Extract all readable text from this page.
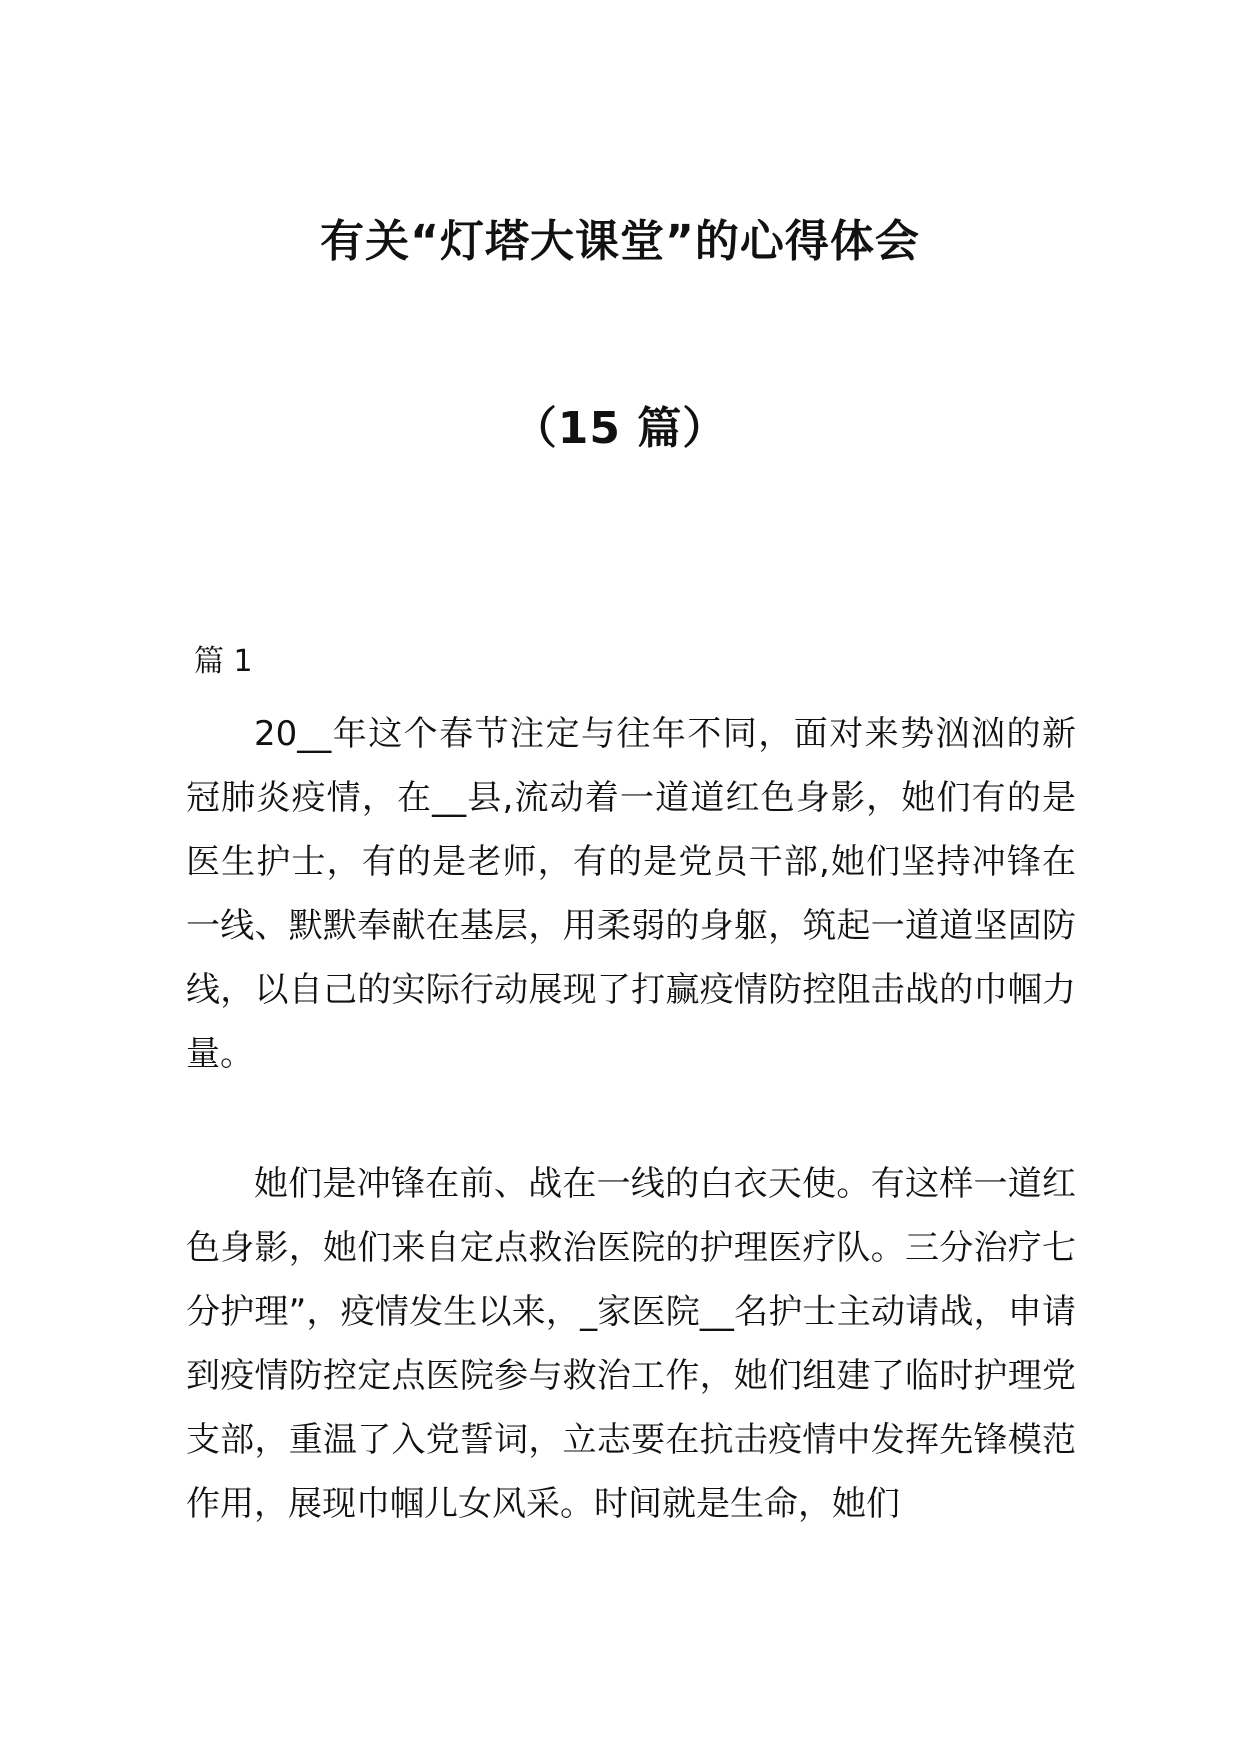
有关“灯塔大课堂”的心得体会
（15 篇）
篇 1

20__年这个春节注定与往年不同，面对来势汹汹的新冠肺炎疫情，在__县,流动着一道道红色身影，她们有的是医生护士，有的是老师，有的是党员干部,她们坚持冲锋在一线、默默奉献在基层，用柔弱的身躯，筑起一道道坚固防线，以自己的实际行动展现了打赢疫情防控阻击战的巾帼力量。

她们是冲锋在前、战在一线的白衣天使。有这样一道红色身影，她们来自定点救治医院的护理医疗队。三分治疗七分护理”，疫情发生以来，_家医院__名护士主动请战，申请到疫情防控定点医院参与救治工作，她们组建了临时护理党支部，重温了入党誓词，立志要在抗击疫情中发挥先锋模范作用，展现巾帼儿女风采。时间就是生命，她们
